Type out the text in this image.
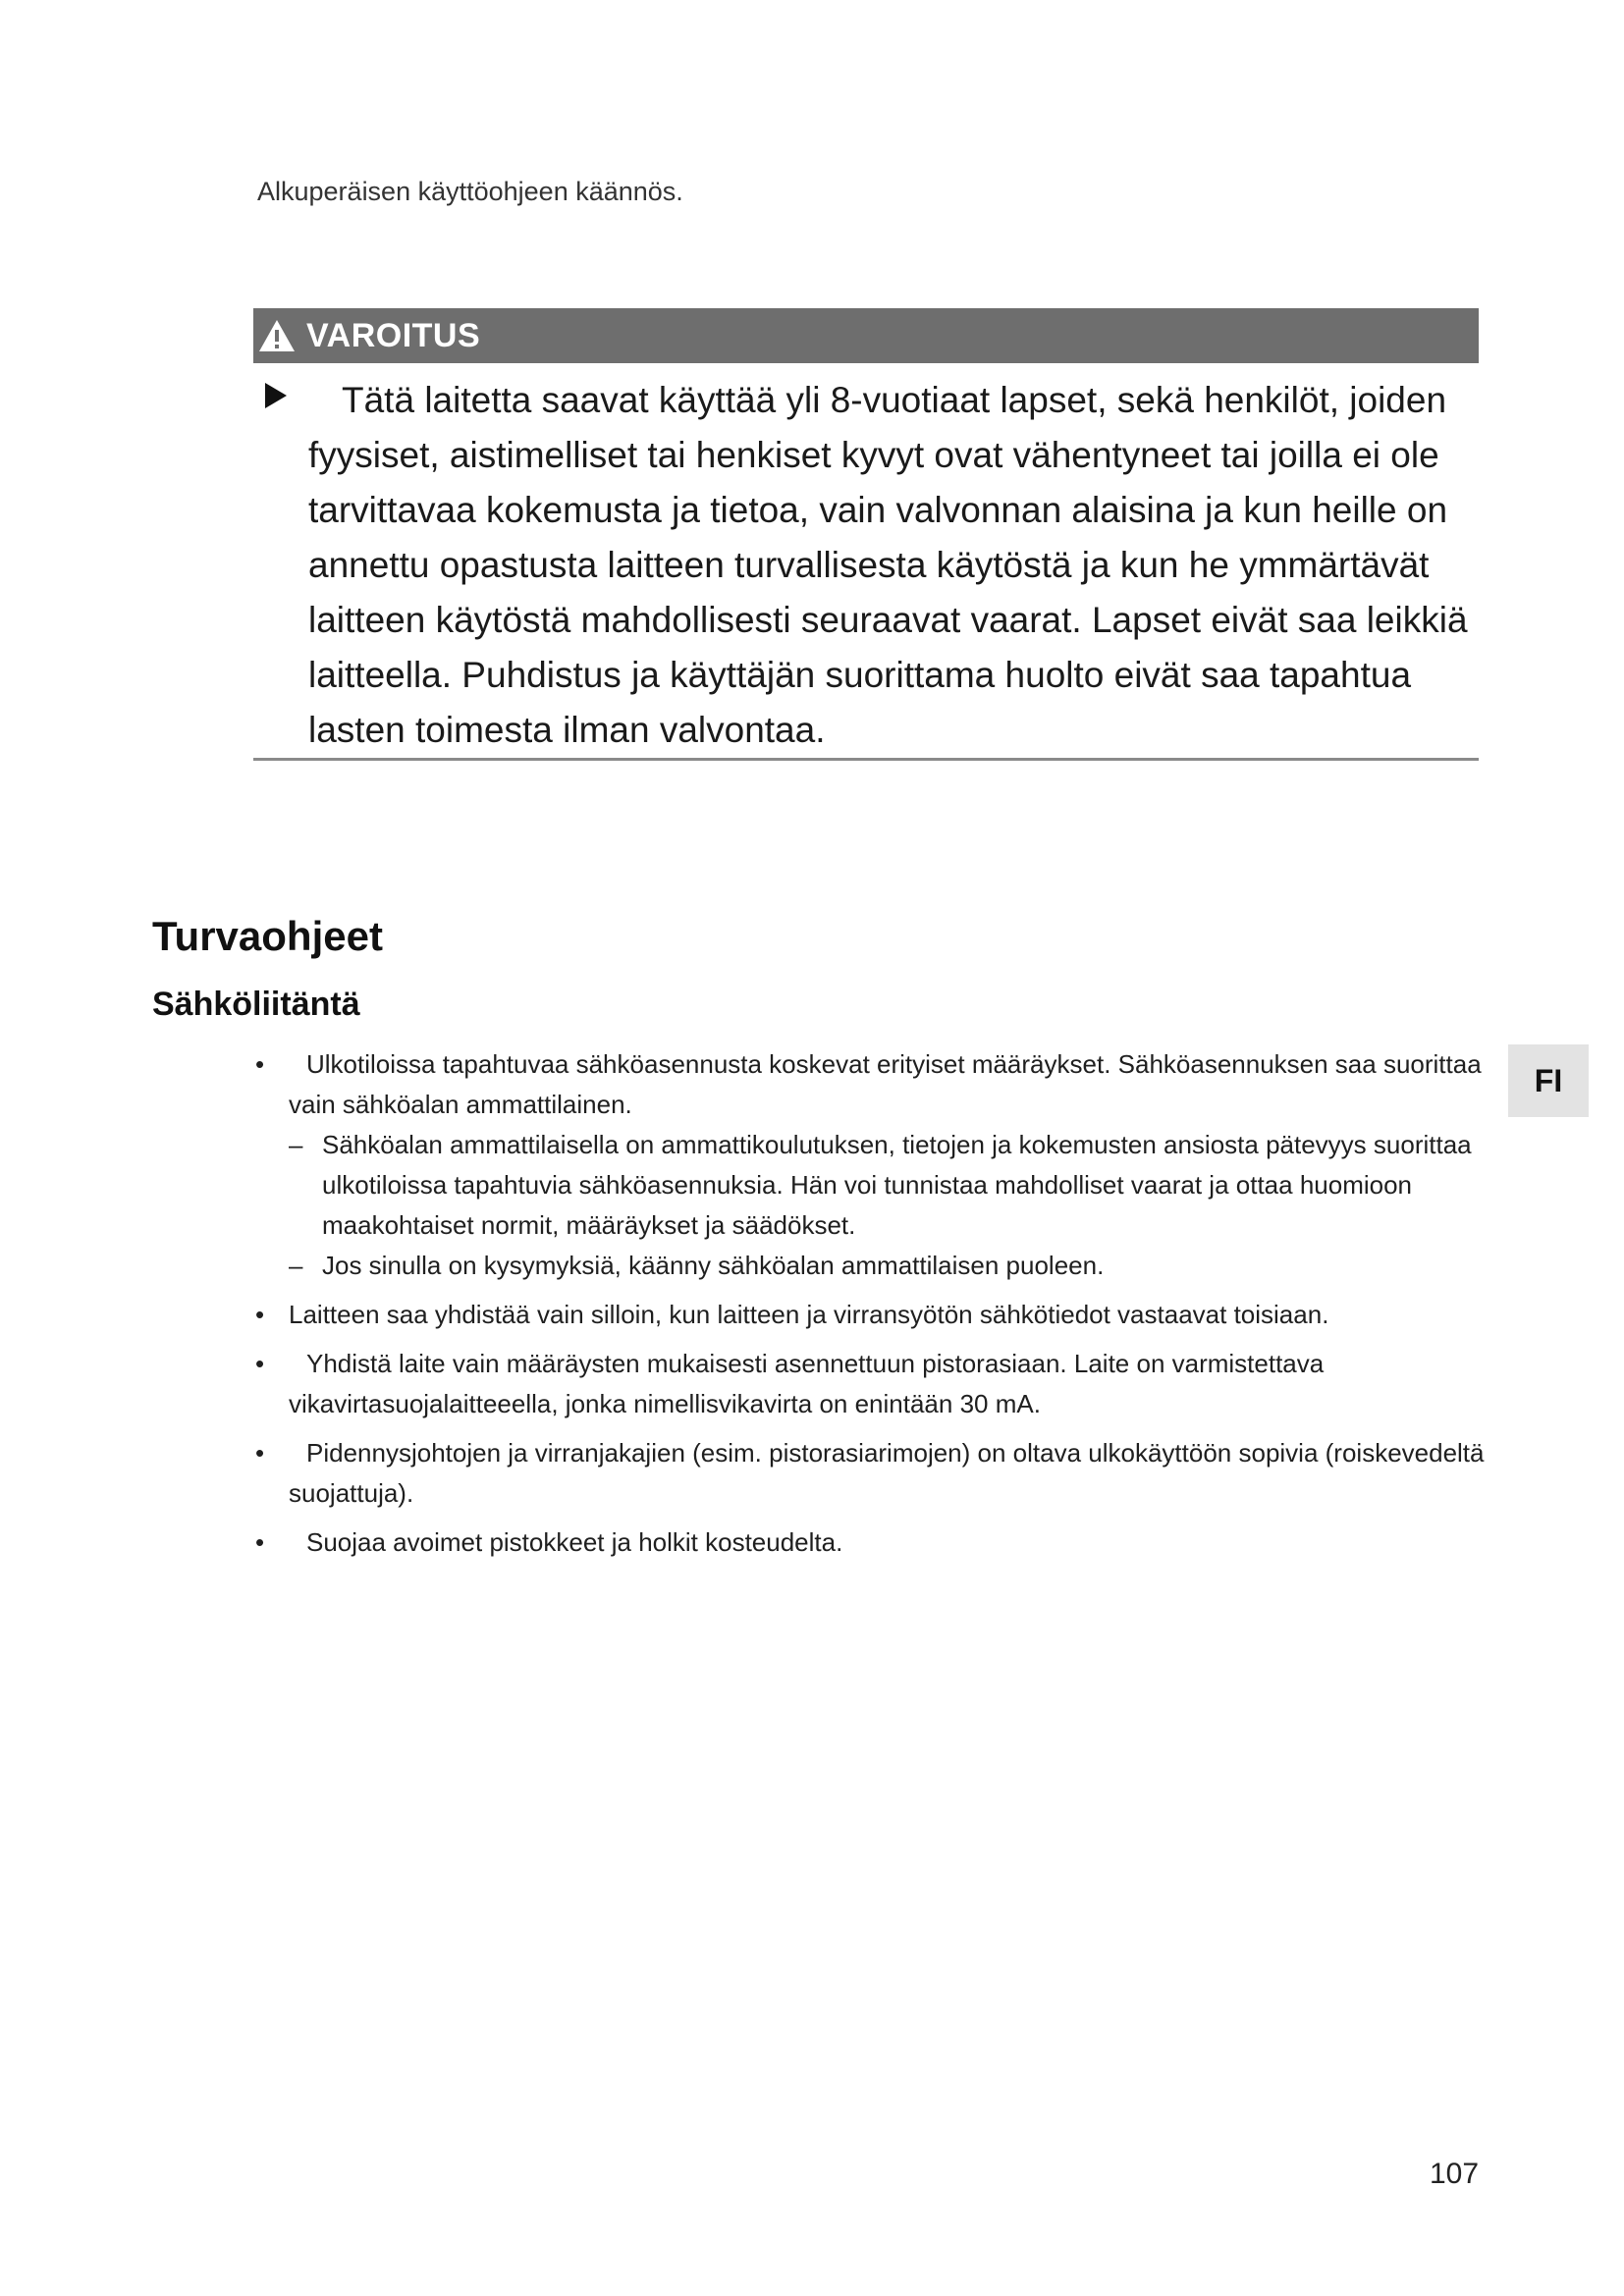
Alkuperäisen käyttöohjeen käännös.
VAROITUS
Tätä laitetta saavat käyttää yli 8-vuotiaat lapset, sekä henkilöt, joiden fyysiset, aistimelliset tai henkiset kyvyt ovat vähentyneet tai joilla ei ole tarvittavaa kokemusta ja tietoa, vain valvonnan alaisina ja kun heille on annettu opastusta laitteen turvallisesta käytöstä ja kun he ymmärtävät laitteen käytöstä mahdollisesti seuraavat vaarat. Lapset eivät saa leikkiä laitteella. Puhdistus ja käyttäjän suorittama huolto eivät saa tapahtua lasten toimesta ilman valvontaa.
Turvaohjeet
Sähköliitäntä
FI
•	Ulkotiloissa tapahtuvaa sähköasennusta koskevat erityiset määräykset. Sähköasennuksen saa suorittaa vain sähköalan ammattilainen.
– Sähköalan ammattilaisella on ammattikoulutuksen, tietojen ja kokemusten ansiosta pätevyys suorittaa ulkotiloissa tapahtuvia sähköasennuksia. Hän voi tunnistaa mahdolliset vaarat ja ottaa huomioon maakohtaiset normit, määräykset ja säädökset.
– Jos sinulla on kysymyksiä, käänny sähköalan ammattilaisen puoleen.
• Laitteen saa yhdistää vain silloin, kun laitteen ja virransyötön sähkötiedot vastaavat toisiaan.
•	Yhdistä laite vain määräysten mukaisesti asennettuun pistorasiaan. Laite on varmistettava vikavirtasuojalaitteeella, jonka nimellisvikavirta on enintään 30 mA.
•	Pidennysjohtojen ja virranjakajien (esim. pistorasiarimojen) on oltava ulkokäyttöön sopivia (roiskevedeltä suojattuja).
•	Suojaa avoimet pistokkeet ja holkit kosteudelta.
107
